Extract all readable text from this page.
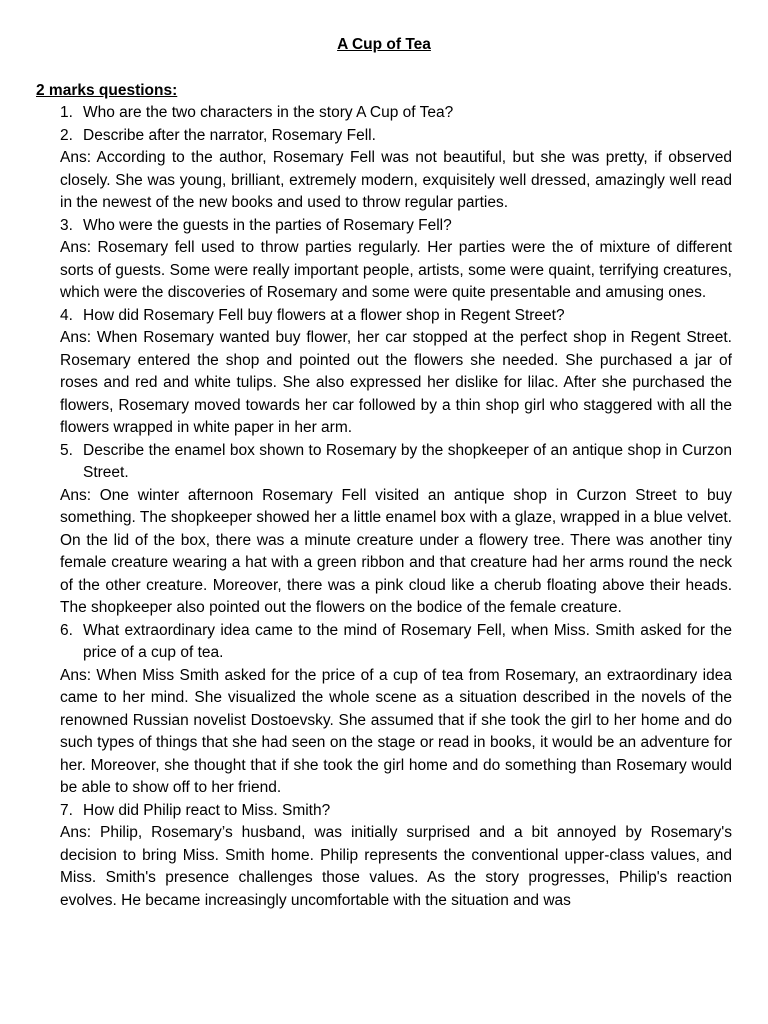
A Cup of Tea
2 marks questions:
1. Who are the two characters in the story A Cup of Tea?
2. Describe after the narrator, Rosemary Fell.
Ans: According to the author, Rosemary Fell was not beautiful, but she was pretty, if observed closely. She was young, brilliant, extremely modern, exquisitely well dressed, amazingly well read in the newest of the new books and used to throw regular parties.
3. Who were the guests in the parties of Rosemary Fell?
Ans: Rosemary fell used to throw parties regularly. Her parties were the of mixture of different sorts of guests. Some were really important people, artists, some were quaint, terrifying creatures, which were the discoveries of Rosemary and some were quite presentable and amusing ones.
4. How did Rosemary Fell buy flowers at a flower shop in Regent Street?
Ans: When Rosemary wanted buy flower, her car stopped at the perfect shop in Regent Street. Rosemary entered the shop and pointed out the flowers she needed. She purchased a jar of roses and red and white tulips. She also expressed her dislike for lilac. After she purchased the flowers, Rosemary moved towards her car followed by a thin shop girl who staggered with all the flowers wrapped in white paper in her arm.
5. Describe the enamel box shown to Rosemary by the shopkeeper of an antique shop in Curzon Street.
Ans: One winter afternoon Rosemary Fell visited an antique shop in Curzon Street to buy something. The shopkeeper showed her a little enamel box with a glaze, wrapped in a blue velvet. On the lid of the box, there was a minute creature under a flowery tree. There was another tiny female creature wearing a hat with a green ribbon and that creature had her arms round the neck of the other creature. Moreover, there was a pink cloud like a cherub floating above their heads. The shopkeeper also pointed out the flowers on the bodice of the female creature.
6. What extraordinary idea came to the mind of Rosemary Fell, when Miss. Smith asked for the price of a cup of tea.
Ans: When Miss Smith asked for the price of a cup of tea from Rosemary, an extraordinary idea came to her mind. She visualized the whole scene as a situation described in the novels of the renowned Russian novelist Dostoevsky. She assumed that if she took the girl to her home and do such types of things that she had seen on the stage or read in books, it would be an adventure for her. Moreover, she thought that if she took the girl home and do something than Rosemary would be able to show off to her friend.
7. How did Philip react to Miss. Smith?
Ans: Philip, Rosemary’s husband, was initially surprised and a bit annoyed by Rosemary's decision to bring Miss. Smith home. Philip represents the conventional upper-class values, and Miss. Smith's presence challenges those values. As the story progresses, Philip's reaction evolves. He became increasingly uncomfortable with the situation and was
